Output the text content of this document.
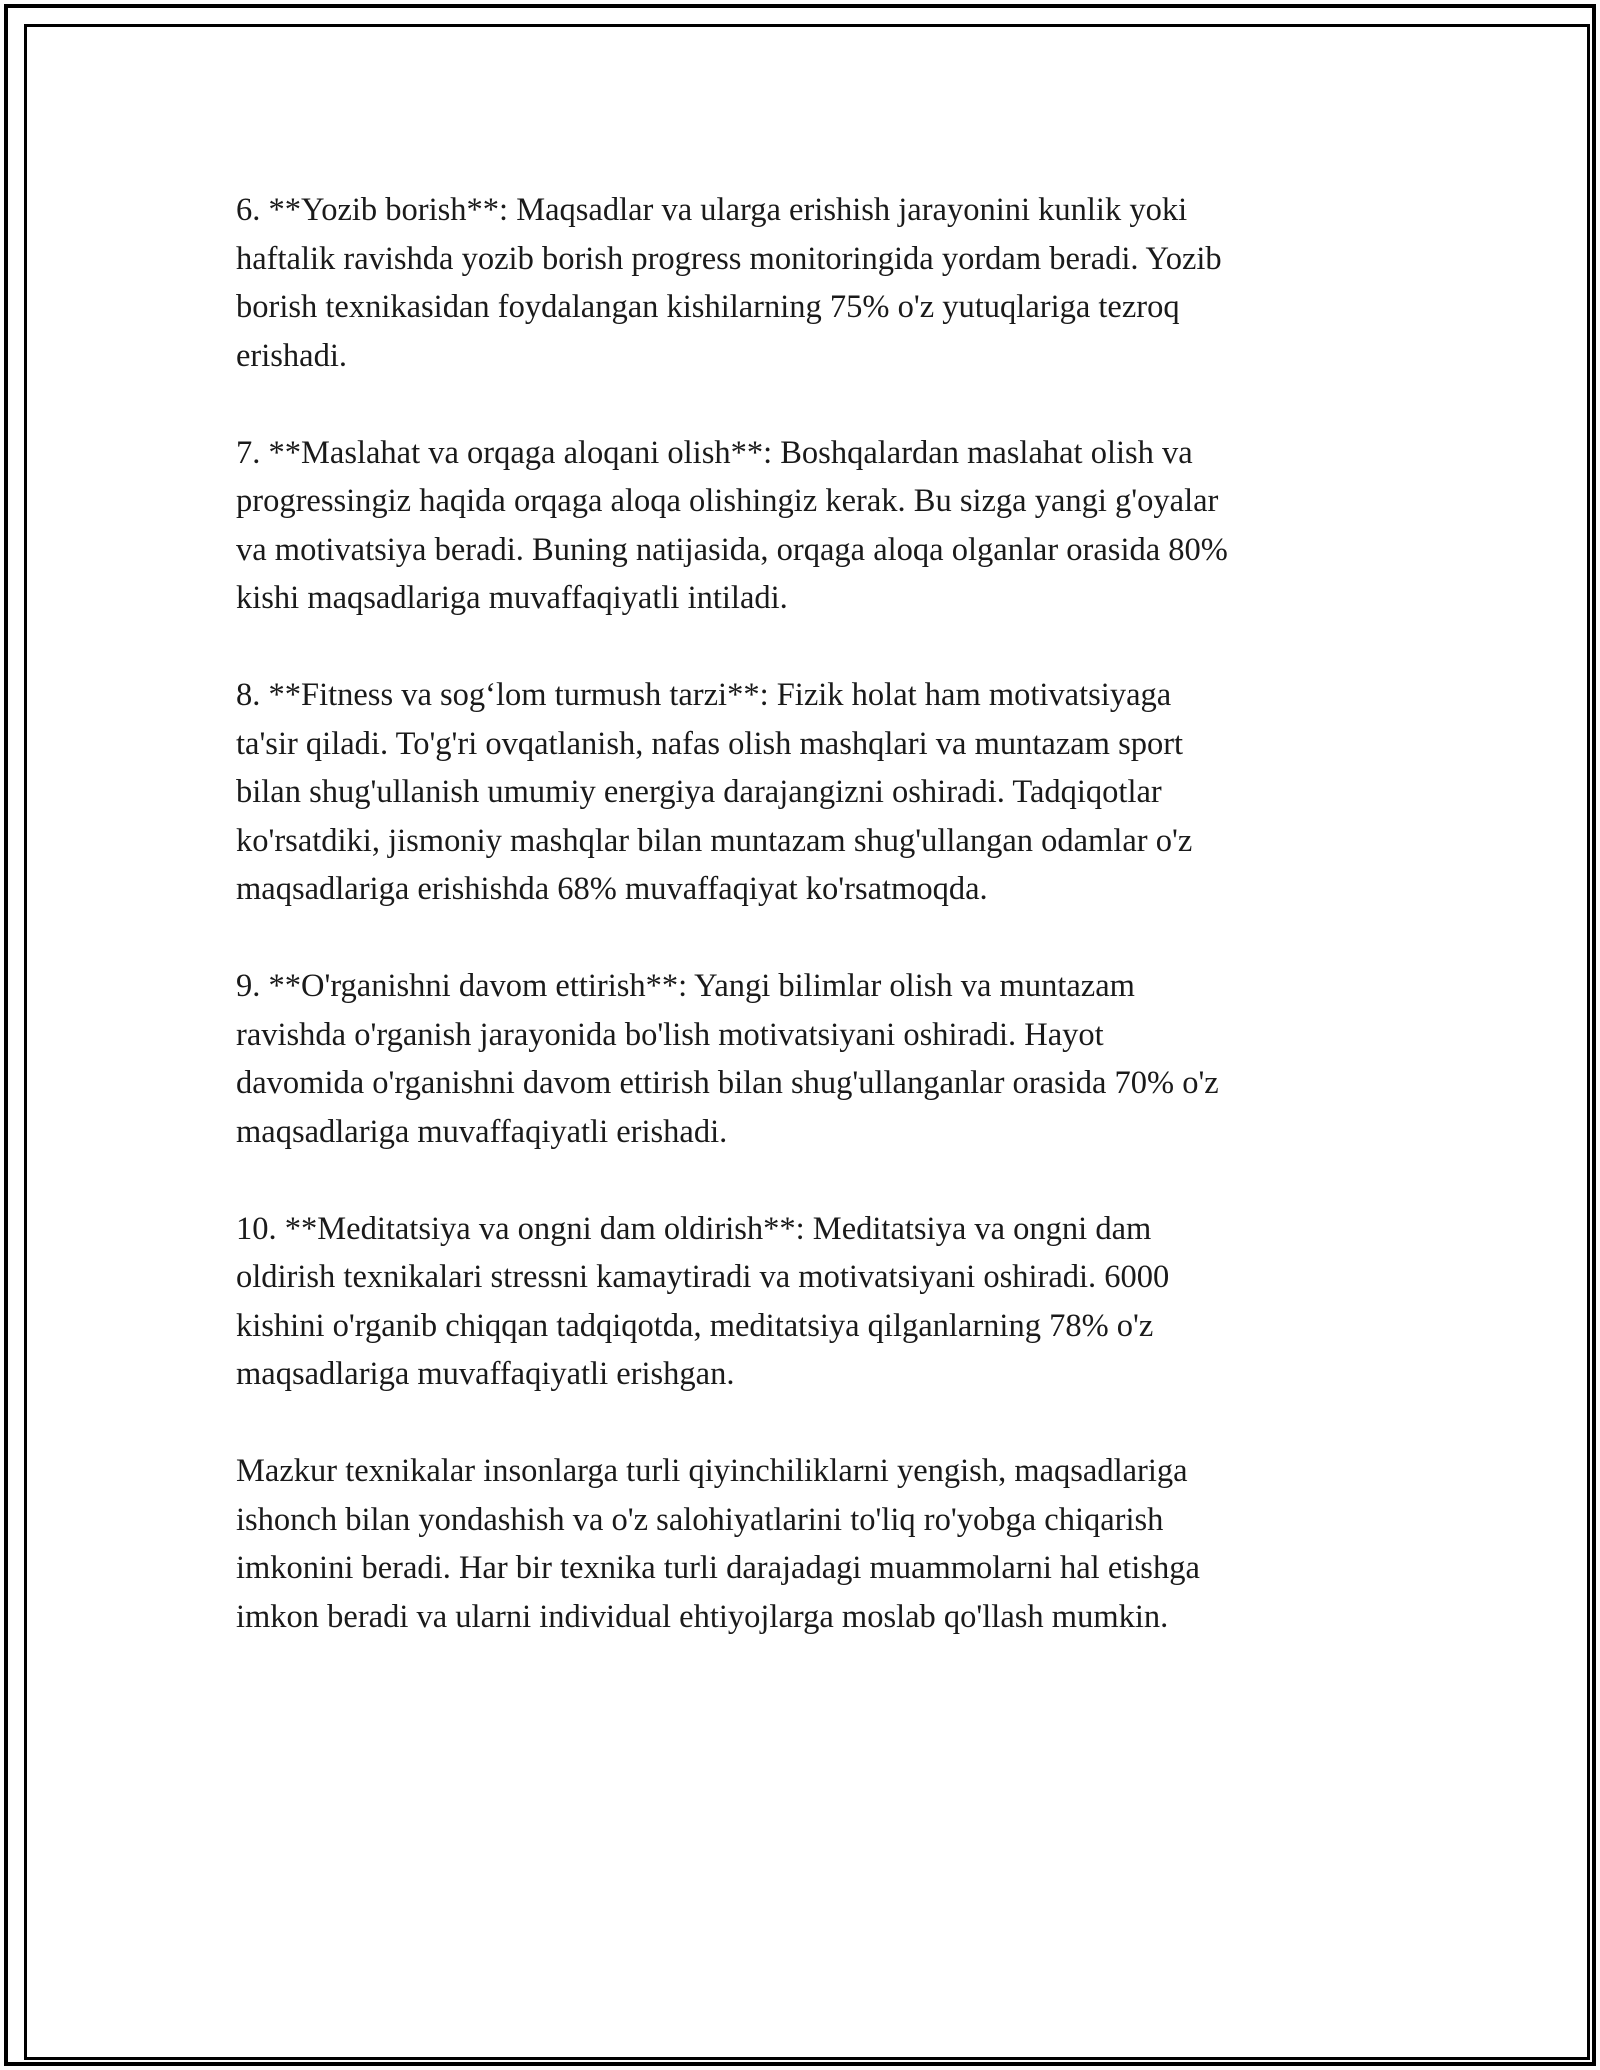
6. **Yozib borish**: Maqsadlar va ularga erishish jarayonini kunlik yoki
haftalik ravishda yozib borish progress monitoringida yordam beradi. Yozib
borish texnikasidan foydalangan kishilarning 75% o'z yutuqlariga tezroq
erishadi.

7. **Maslahat va orqaga aloqani olish**: Boshqalardan maslahat olish va
progressingiz haqida orqaga aloqa olishingiz kerak. Bu sizga yangi g'oyalar
va motivatsiya beradi. Buning natijasida, orqaga aloqa olganlar orasida 80%
kishi maqsadlariga muvaffaqiyatli intiladi.

8. **Fitness va sog‘lom turmush tarzi**: Fizik holat ham motivatsiyaga
ta'sir qiladi. To'g'ri ovqatlanish, nafas olish mashqlari va muntazam sport
bilan shug'ullanish umumiy energiya darajangizni oshiradi. Tadqiqotlar
ko'rsatdiki, jismoniy mashqlar bilan muntazam shug'ullangan odamlar o'z
maqsadlariga erishishda 68% muvaffaqiyat ko'rsatmoqda.

9. **O'rganishni davom ettirish**: Yangi bilimlar olish va muntazam
ravishda o'rganish jarayonida bo'lish motivatsiyani oshiradi. Hayot
davomida o'rganishni davom ettirish bilan shug'ullanganlar orasida 70% o'z
maqsadlariga muvaffaqiyatli erishadi.

10. **Meditatsiya va ongni dam oldirish**: Meditatsiya va ongni dam
oldirish texnikalari stressni kamaytiradi va motivatsiyani oshiradi. 6000
kishini o'rganib chiqqan tadqiqotda, meditatsiya qilganlarning 78% o'z
maqsadlariga muvaffaqiyatli erishgan.

Mazkur texnikalar insonlarga turli qiyinchiliklarni yengish, maqsadlariga
ishonch bilan yondashish va o'z salohiyatlarini to'liq ro'yobga chiqarish
imkonini beradi. Har bir texnika turli darajadagi muammolarni hal etishga
imkon beradi va ularni individual ehtiyojlarga moslab qo'llash mumkin.
